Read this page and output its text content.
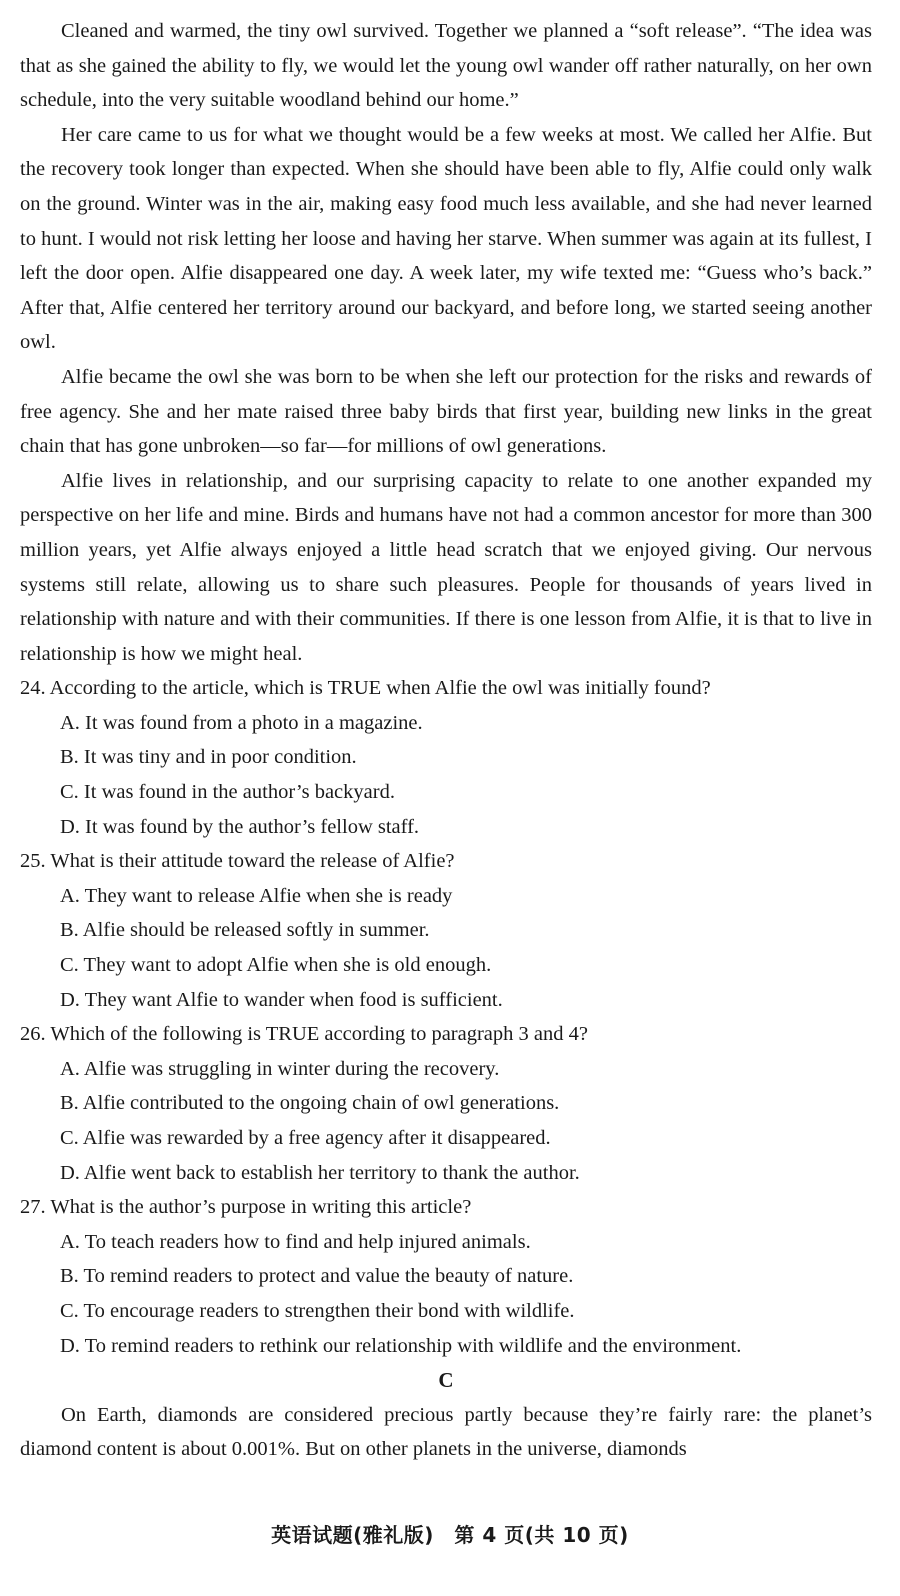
Cleaned and warmed, the tiny owl survived. Together we planned a “soft release”. “The idea was that as she gained the ability to fly, we would let the young owl wander off rather naturally, on her own schedule, into the very suitable woodland behind our home.”

Her care came to us for what we thought would be a few weeks at most. We called her Alfie. But the recovery took longer than expected. When she should have been able to fly, Alfie could only walk on the ground. Winter was in the air, making easy food much less available, and she had never learned to hunt. I would not risk letting her loose and having her starve. When summer was again at its fullest, I left the door open. Alfie disappeared one day. A week later, my wife texted me: “Guess who’s back.” After that, Alfie centered her territory around our backyard, and before long, we started seeing another owl.

Alfie became the owl she was born to be when she left our protection for the risks and rewards of free agency. She and her mate raised three baby birds that first year, building new links in the great chain that has gone unbroken—so far—for millions of owl generations.

Alfie lives in relationship, and our surprising capacity to relate to one another expanded my perspective on her life and mine. Birds and humans have not had a common ancestor for more than 300 million years, yet Alfie always enjoyed a little head scratch that we enjoyed giving. Our nervous systems still relate, allowing us to share such pleasures. People for thousands of years lived in relationship with nature and with their communities. If there is one lesson from Alfie, it is that to live in relationship is how we might heal.

24. According to the article, which is TRUE when Alfie the owl was initially found?

A. It was found from a photo in a magazine.

B. It was tiny and in poor condition.

C. It was found in the author’s backyard.

D. It was found by the author’s fellow staff.

25. What is their attitude toward the release of Alfie?

A. They want to release Alfie when she is ready

B. Alfie should be released softly in summer.

C. They want to adopt Alfie when she is old enough.

D. They want Alfie to wander when food is sufficient.

26. Which of the following is TRUE according to paragraph 3 and 4?

A. Alfie was struggling in winter during the recovery.

B. Alfie contributed to the ongoing chain of owl generations.

C. Alfie was rewarded by a free agency after it disappeared.

D. Alfie went back to establish her territory to thank the author.

27. What is the author’s purpose in writing this article?

A. To teach readers how to find and help injured animals.

B. To remind readers to protect and value the beauty of nature.

C. To encourage readers to strengthen their bond with wildlife.

D. To remind readers to rethink our relationship with wildlife and the environment.

C

On Earth, diamonds are considered precious partly because they’re fairly rare: the planet’s diamond content is about 0.001%. But on other planets in the universe, diamonds

英语试题(雅礼版)　第 4 页(共 10 页)
